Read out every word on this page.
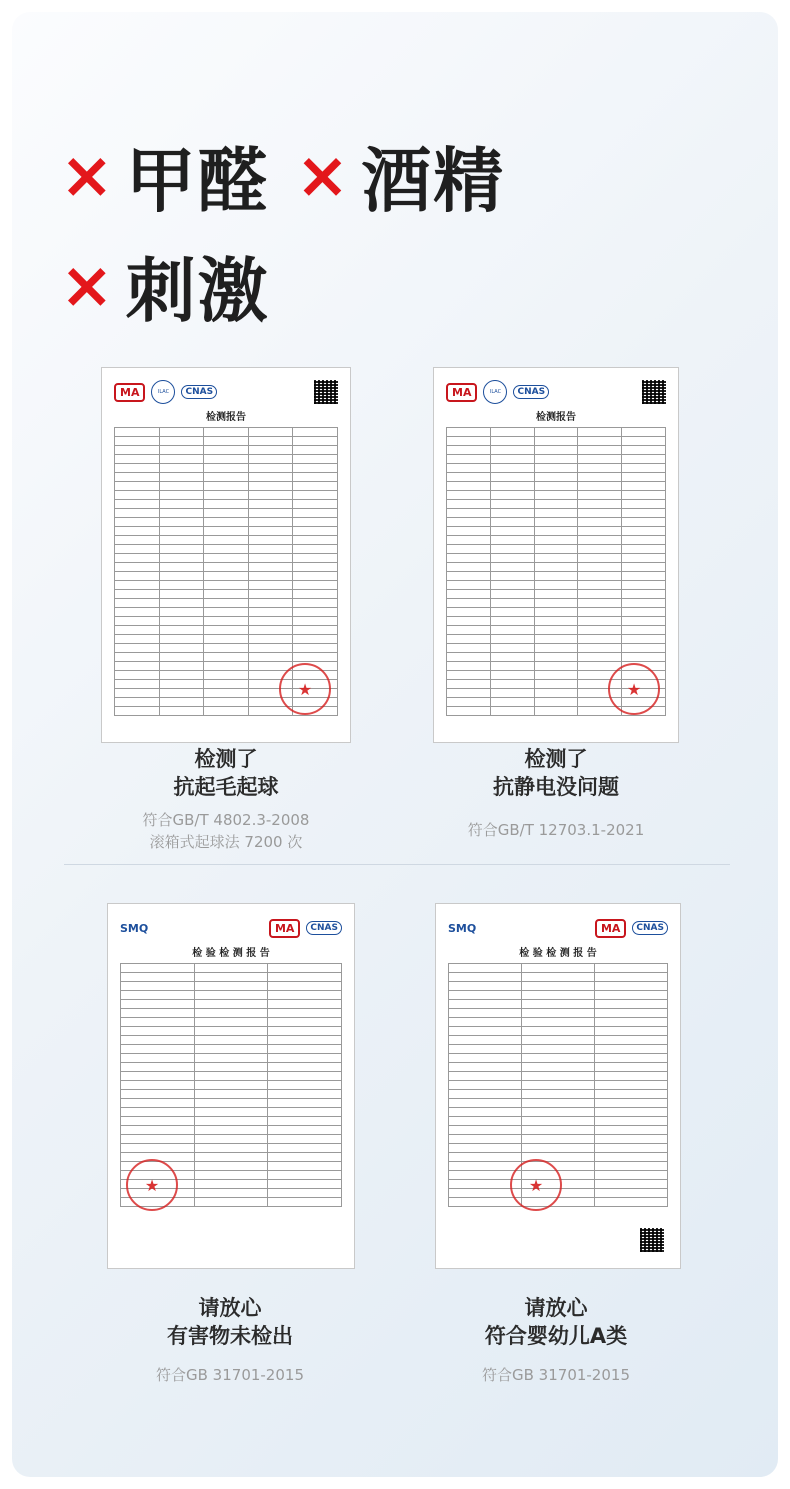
× 甲醛 × 酒精
× 刺激
MA	ILAC	CNAS
检测报告

★
MA	ILAC	CNAS
检测报告

★
检测了
抗起毛起球
符合GB/T 4802.3-2008
滚箱式起球法 7200 次
检测了
抗静电没问题
符合GB/T 12703.1-2021
SMQ	MA	CNAS
检 验 检 测 报 告

★
SMQ	MA	CNAS
检 验 检 测 报 告

★
请放心
有害物未检出
符合GB 31701-2015
请放心
符合婴幼儿A类
符合GB 31701-2015
